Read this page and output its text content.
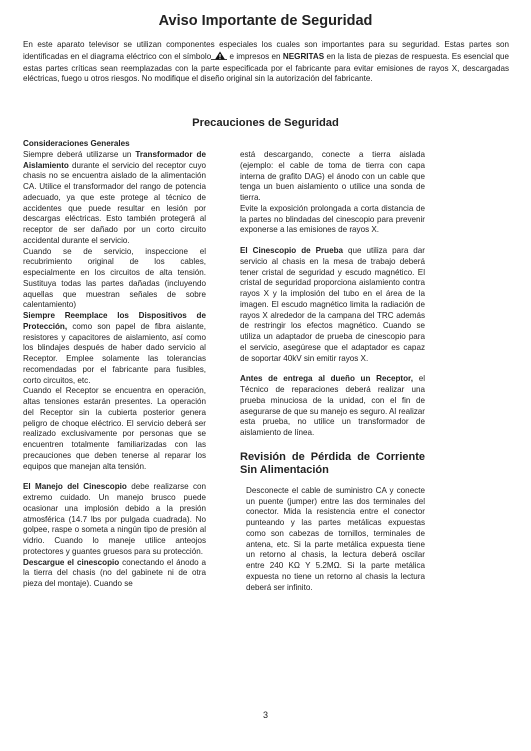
Aviso Importante de Seguridad

En este aparato televisor se utilizan componentes especiales los cuales son importantes para su seguridad. Estas partes son identificadas en el diagrama eléctrico con el símbolo e impresos en NEGRITAS en la lista de piezas de respuesta. Es esencial que estas partes críticas sean reemplazadas con la parte especificada por el fabricante para evitar emisiones de rayos X, descargadas eléctricas, fuego u otros riesgos. No modifique el diseño original sin la autorización del fabricante.

Precauciones de Seguridad

Consideraciones Generales

Siempre deberá utilizarse un Transformador de Aislamiento durante el servicio del receptor cuyo chasis no se encuentra aislado de la alimentación CA. Utilice el transformador del rango de potencia adecuado, ya que este protege al técnico de accidentes que puede resultar en lesión por descargas eléctricas. Esto también protegerá al receptor de ser dañado por un corto circuito accidental durante el servicio.

Cuando se de servicio, inspeccione el recubrimiento original de los cables, especialmente en los circuitos de alta tensión. Sustituya todas las partes dañadas (incluyendo aquellas que muestran señales de sobre calentamiento)

Siempre Reemplace los Dispositivos de Protección, como son papel de fibra aislante, resistores y capacitores de aislamiento, así como los blindajes después de haber dado servicio al Receptor. Emplee solamente las tolerancias recomendadas por el fabricante para fusibles, corto circuitos, etc.

Cuando el Receptor se encuentra en operación, altas tensiones estarán presentes. La operación del Receptor sin la cubierta posterior genera peligro de choque eléctrico. El servicio deberá ser realizado exclusivamente por personas que se encuentren totalmente familiarizadas con las precauciones que deben tenerse al reparar los equipos que manejan alta tensión.

El Manejo del Cinescopio debe realizarse con extremo cuidado. Un manejo brusco puede ocasionar una implosión debido a la presión atmosférica (14.7 lbs por pulgada cuadrada). No golpee, raspe o someta a ningún tipo de presión al vidrio. Cuando lo maneje utilice anteojos protectores y guantes gruesos para su protección.

Descargue el cinescopio conectando el ánodo a la tierra del chasis (no del gabinete ni de otra pieza del montaje). Cuando se

está descargando, conecte a tierra aislada (ejemplo: el cable de toma de tierra con capa interna de grafito DAG) el ánodo con un cable que tenga un buen aislamiento o utilice una sonda de tierra.

Evite la exposición prolongada a corta distancia de la partes no blindadas del cinescopio para prevenir exponerse a las emisiones de rayos X.

El Cinescopio de Prueba que utiliza para dar servicio al chasis en la mesa de trabajo deberá tener cristal de seguridad y escudo magnético. El cristal de seguridad proporciona aislamiento contra rayos X y la implosión del tubo en el área de la imagen. El escudo magnético limita la radiación de rayos X alrededor de la campana del TRC además de restringir los efectos magnético. Cuando se utiliza un adaptador de prueba de cinescopio para el servicio, asegúrese que el adaptador es capaz de soportar 40kV sin emitir rayos X.

Antes de entrega al dueño un Receptor, el Técnico de reparaciones deberá realizar una prueba minuciosa de la unidad, con el fin de asegurarse de que su manejo es seguro. Al realizar esta prueba, no utilice un transformador de aislamiento de línea.

Revisión de Pérdida de Corriente Sin Alimentación

Desconecte el cable de suministro CA y conecte un puente (jumper) entre las dos terminales del conector. Mida la resistencia entre el conector punteando y las partes metálicas expuestas como son cabezas de tornillos, terminales de antena, etc. Si la parte metálica expuesta tiene un retorno al chasis, la lectura deberá oscilar entre 240 KΩ Y 5.2MΩ. Si la parte metálica expuesta no tiene un retorno al chasis la lectura deberá ser infinito.

3
